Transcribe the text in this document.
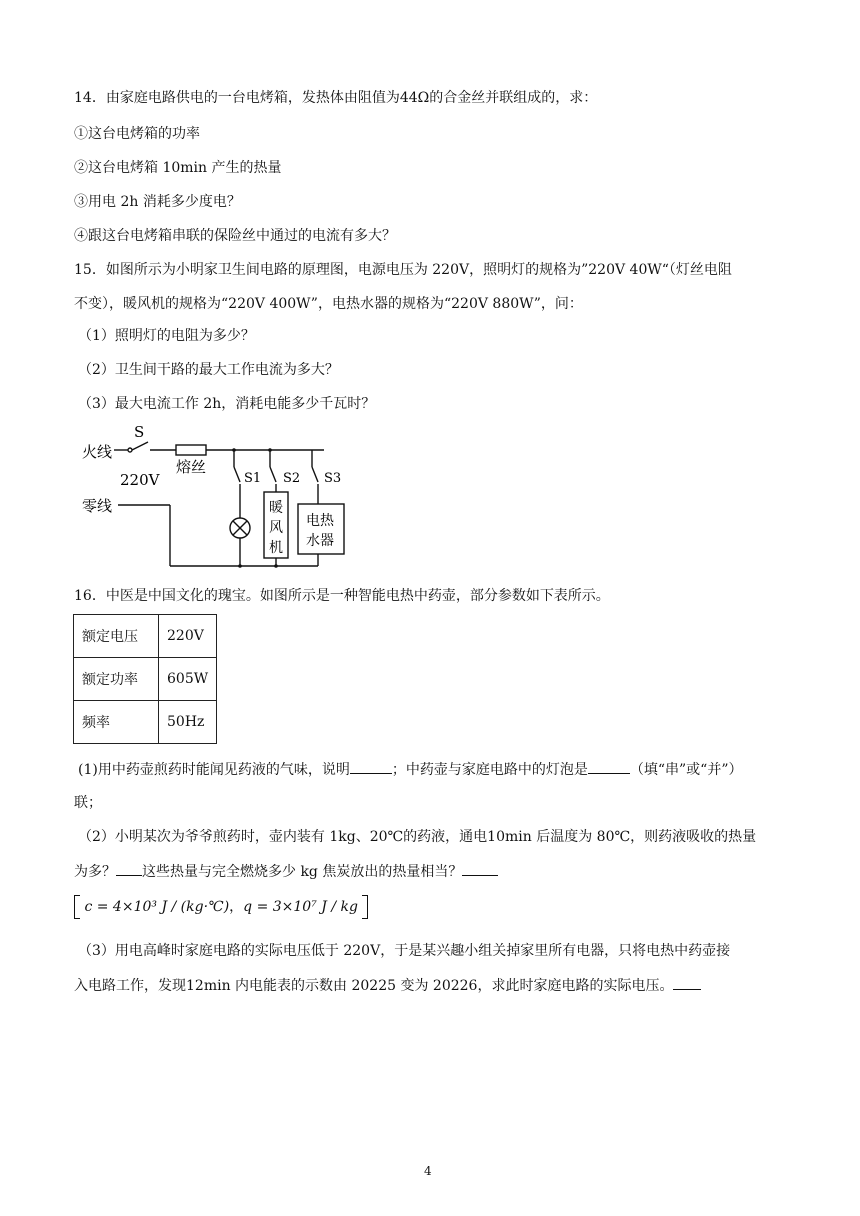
14．由家庭电路供电的一台电烤箱，发热体由阻值为44Ω的合金丝并联组成的，求：
①这台电烤箱的功率
②这台电烤箱 10min 产生的热量
③用电 2h 消耗多少度电？
④跟这台电烤箱串联的保险丝中通过的电流有多大？
15．如图所示为小明家卫生间电路的原理图，电源电压为 220V，照明灯的规格为”220V 40W“（灯丝电阻
不变），暖风机的规格为“220V 400W”，电热水器的规格为“220V 880W”，问：
（1）照明灯的电阻为多少？
（2）卫生间干路的最大工作电流为多大？
（3）最大电流工作 2h，消耗电能多少千瓦时？
火线
零线
S
220V
熔丝
S1 S2 S3
暖
风
机
电热
水器
16．中医是中国文化的瑰宝。如图所示是一种智能电热中药壶，部分参数如下表所示。
额定电压	220V
额定功率	605W
频率	50Hz
(1)用中药壶煎药时能闻见药液的气味，说明	；中药壶与家庭电路中的灯泡是	（填“串”或“并”）
联；
（2）小明某次为爷爷煎药时，壶内装有 1kg、20℃的药液，通电10min 后温度为 80℃，则药液吸收的热量
为多？ 这些热量与完全燃烧多少 kg 焦炭放出的热量相当？
c = 4×10³ J / (kg·℃)，q = 3×10⁷ J / kg
（3）用电高峰时家庭电路的实际电压低于 220V，于是某兴趣小组关掉家里所有电器，只将电热中药壶接
入电路工作，发现12min 内电能表的示数由 20225 变为 20226，求此时家庭电路的实际电压。
4
